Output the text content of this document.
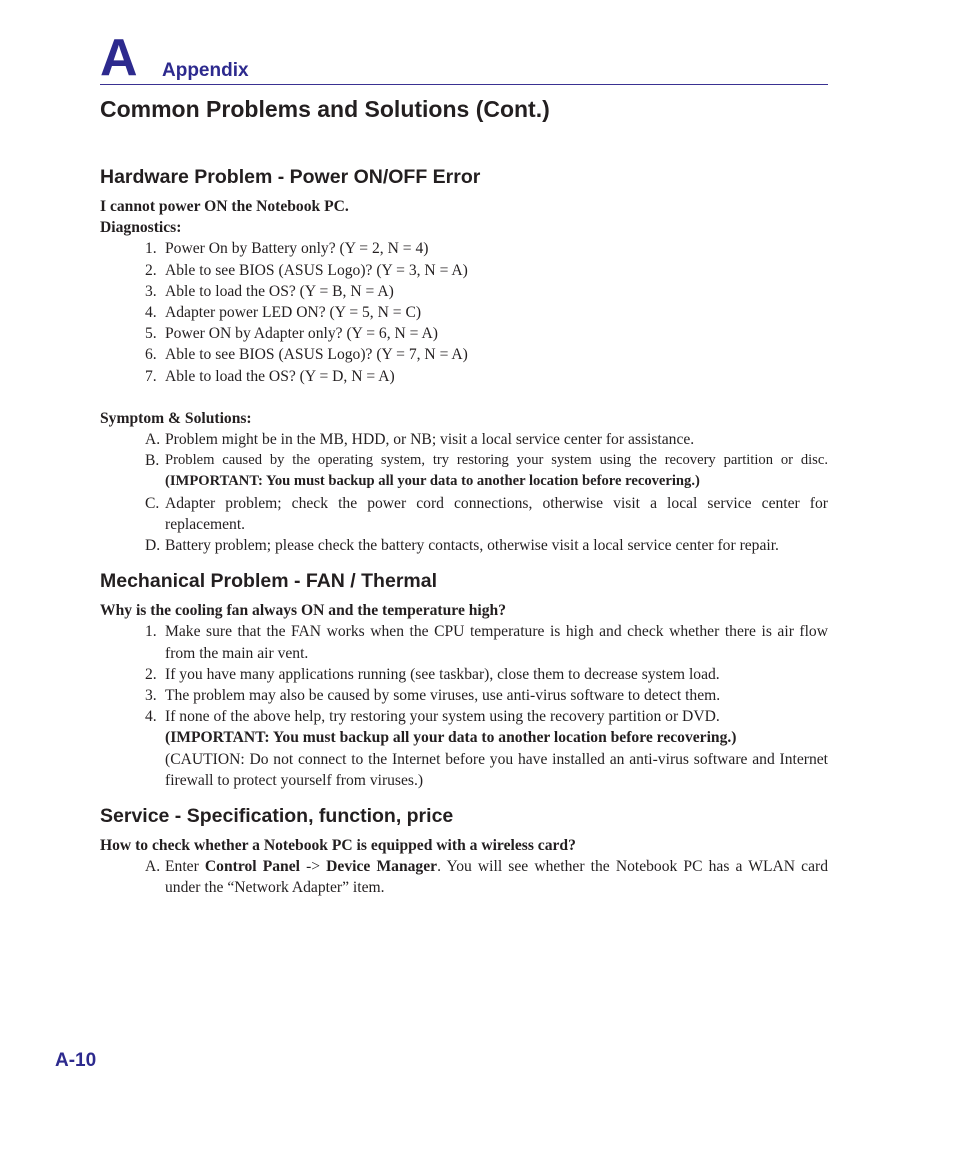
A Appendix
Common Problems and Solutions (Cont.)
Hardware Problem - Power ON/OFF Error

I cannot power ON the Notebook PC.

Diagnostics:

1. Power On by Battery only? (Y = 2, N = 4)
2. Able to see BIOS (ASUS Logo)? (Y = 3, N = A)
3. Able to load the OS? (Y = B, N = A)
4. Adapter power LED ON? (Y = 5, N = C)
5. Power ON by Adapter only? (Y = 6, N = A)
6. Able to see BIOS (ASUS Logo)? (Y = 7, N = A)
7. Able to load the OS? (Y = D, N = A)

Symptom & Solutions:

A. Problem might be in the MB, HDD, or NB; visit a local service center for assistance.
B. Problem caused by the operating system, try restoring your system using the recovery partition or disc. (IMPORTANT: You must backup all your data to another location before recovering.)
C. Adapter problem; check the power cord connections, otherwise visit a local service center for replacement.
D. Battery problem; please check the battery contacts, otherwise visit a local service center for repair.
Mechanical Problem - FAN / Thermal

Why is the cooling fan always ON and the temperature high?

1. Make sure that the FAN works when the CPU temperature is high and check whether there is air flow from the main air vent.
2. If you have many applications running (see taskbar), close them to decrease system load.
3. The problem may also be caused by some viruses, use anti-virus software to detect them.
4. If none of the above help, try restoring your system using the recovery partition or DVD.
(IMPORTANT: You must backup all your data to another location before recovering.)
(CAUTION: Do not connect to the Internet before you have installed an anti-virus software and Internet firewall to protect yourself from viruses.)
Service - Specification, function, price

How to check whether a Notebook PC is equipped with a wireless card?

A. Enter Control Panel -> Device Manager. You will see whether the Notebook PC has a WLAN card under the “Network Adapter” item.
A-10
